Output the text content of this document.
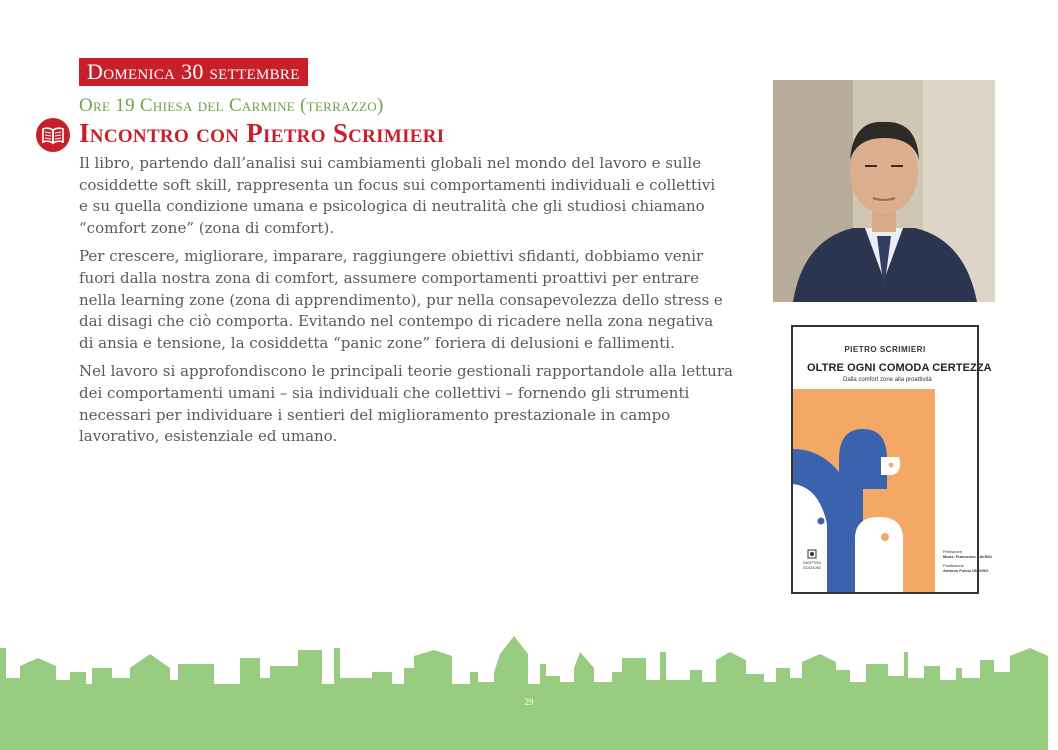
Domenica 30 settembre
Ore 19 Chiesa del Carmine (terrazzo)
Incontro con Pietro Scrimieri

Il libro, partendo dall’analisi sui cambiamenti globali nel mondo del lavoro e sulle
cosiddette soft skill, rappresenta un focus sui comportamenti individuali e collettivi
e su quella condizione umana e psicologica di neutralità che gli studiosi chiamano
“comfort zone” (zona di comfort).

Per crescere, migliorare, imparare, raggiungere obiettivi sfidanti, dobbiamo venir
fuori dalla nostra zona di comfort, assumere comportamenti proattivi per entrare
nella learning zone (zona di apprendimento), pur nella consapevolezza dello stress e
dai disagi che ciò comporta. Evitando nel contempo di ricadere nella zona negativa
di ansia e tensione, la cosiddetta “panic zone” foriera di delusioni e fallimenti.

Nel lavoro si approfondiscono le principali teorie gestionali rapportandole alla lettura
dei comportamenti umani – sia individuali che collettivi – fornendo gli strumenti
necessari per individuare i sentieri del miglioramento prestazionale in campo
lavorativo, esistenziale ed umano.

PIETRO SCRIMIERI
OLTRE OGNI COMODA CERTEZZA
Dalla comfort zone alla proattività
Prefazione
Mons. Francesco SAVINO
Postfazione
Antonio Fulvio UNGGIO
DIOPTRA EDIZIONI
29
